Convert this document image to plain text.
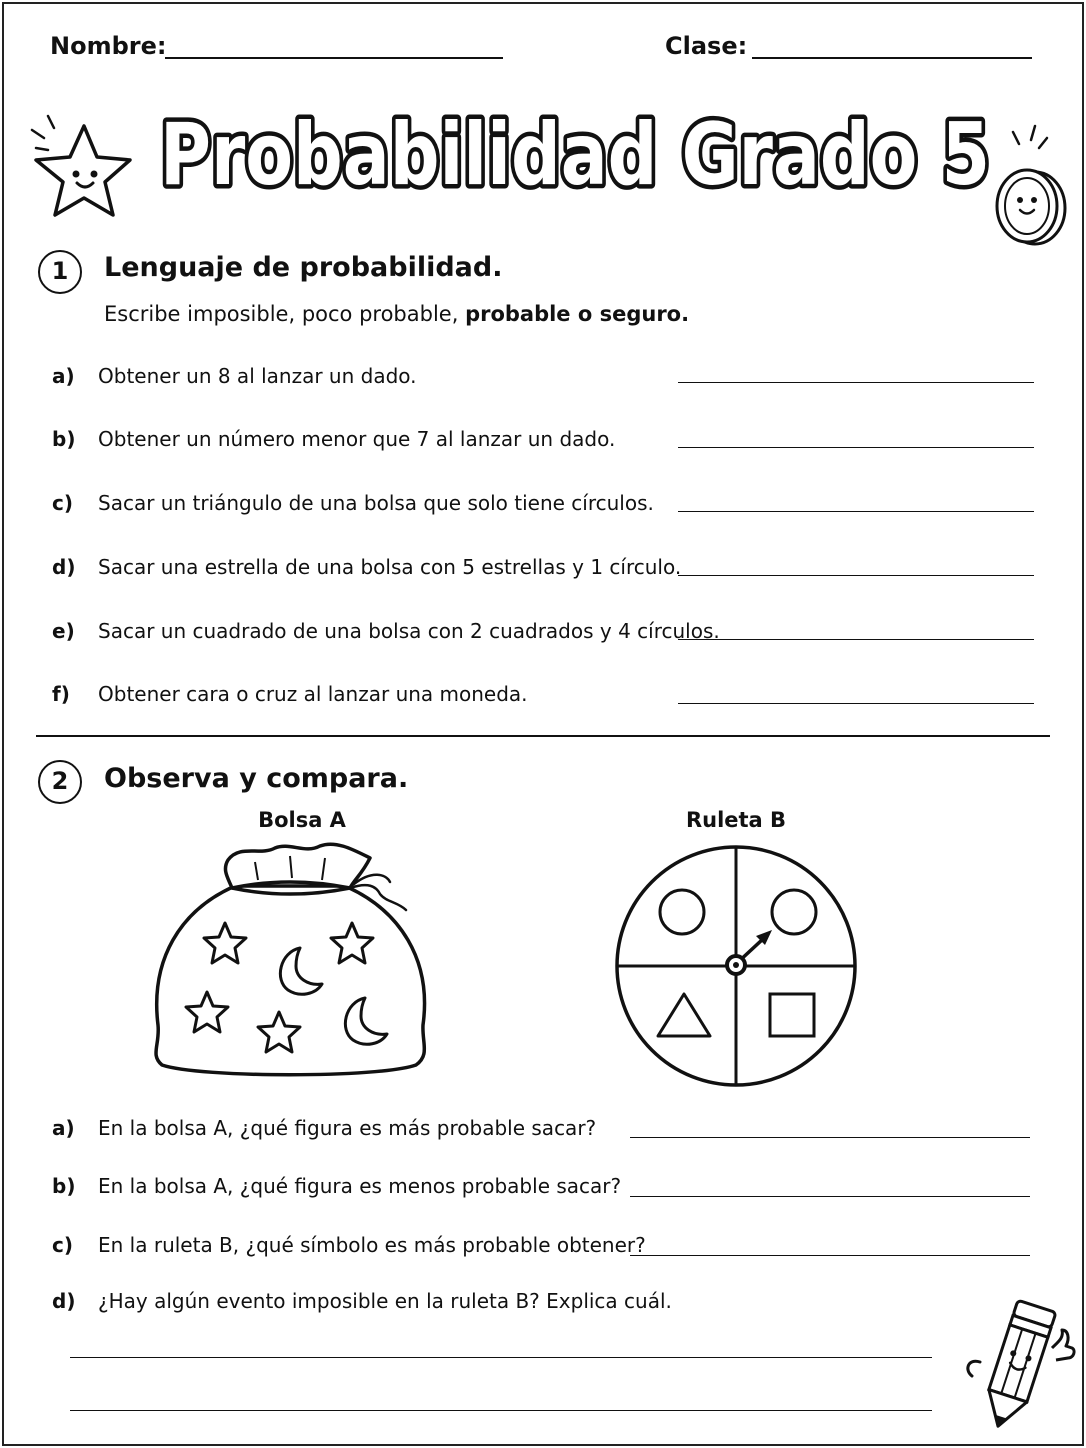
Nombre:	Clase:
Probabilidad Grado 5
1	Lenguaje de probabilidad.
Escribe imposible, poco probable, probable o seguro.
a) Obtener un 8 al lanzar un dado.
b) Obtener un número menor que 7 al lanzar un dado.
c) Sacar un triángulo de una bolsa que solo tiene círculos.
d) Sacar una estrella de una bolsa con 5 estrellas y 1 círculo.
e) Sacar un cuadrado de una bolsa con 2 cuadrados y 4 círculos.
f) Obtener cara o cruz al lanzar una moneda.
2	Observa y compara.
Bolsa A	Ruleta B
a) En la bolsa A, ¿qué figura es más probable sacar?
b) En la bolsa A, ¿qué figura es menos probable sacar?
c) En la ruleta B, ¿qué símbolo es más probable obtener?
d) ¿Hay algún evento imposible en la ruleta B? Explica cuál.
